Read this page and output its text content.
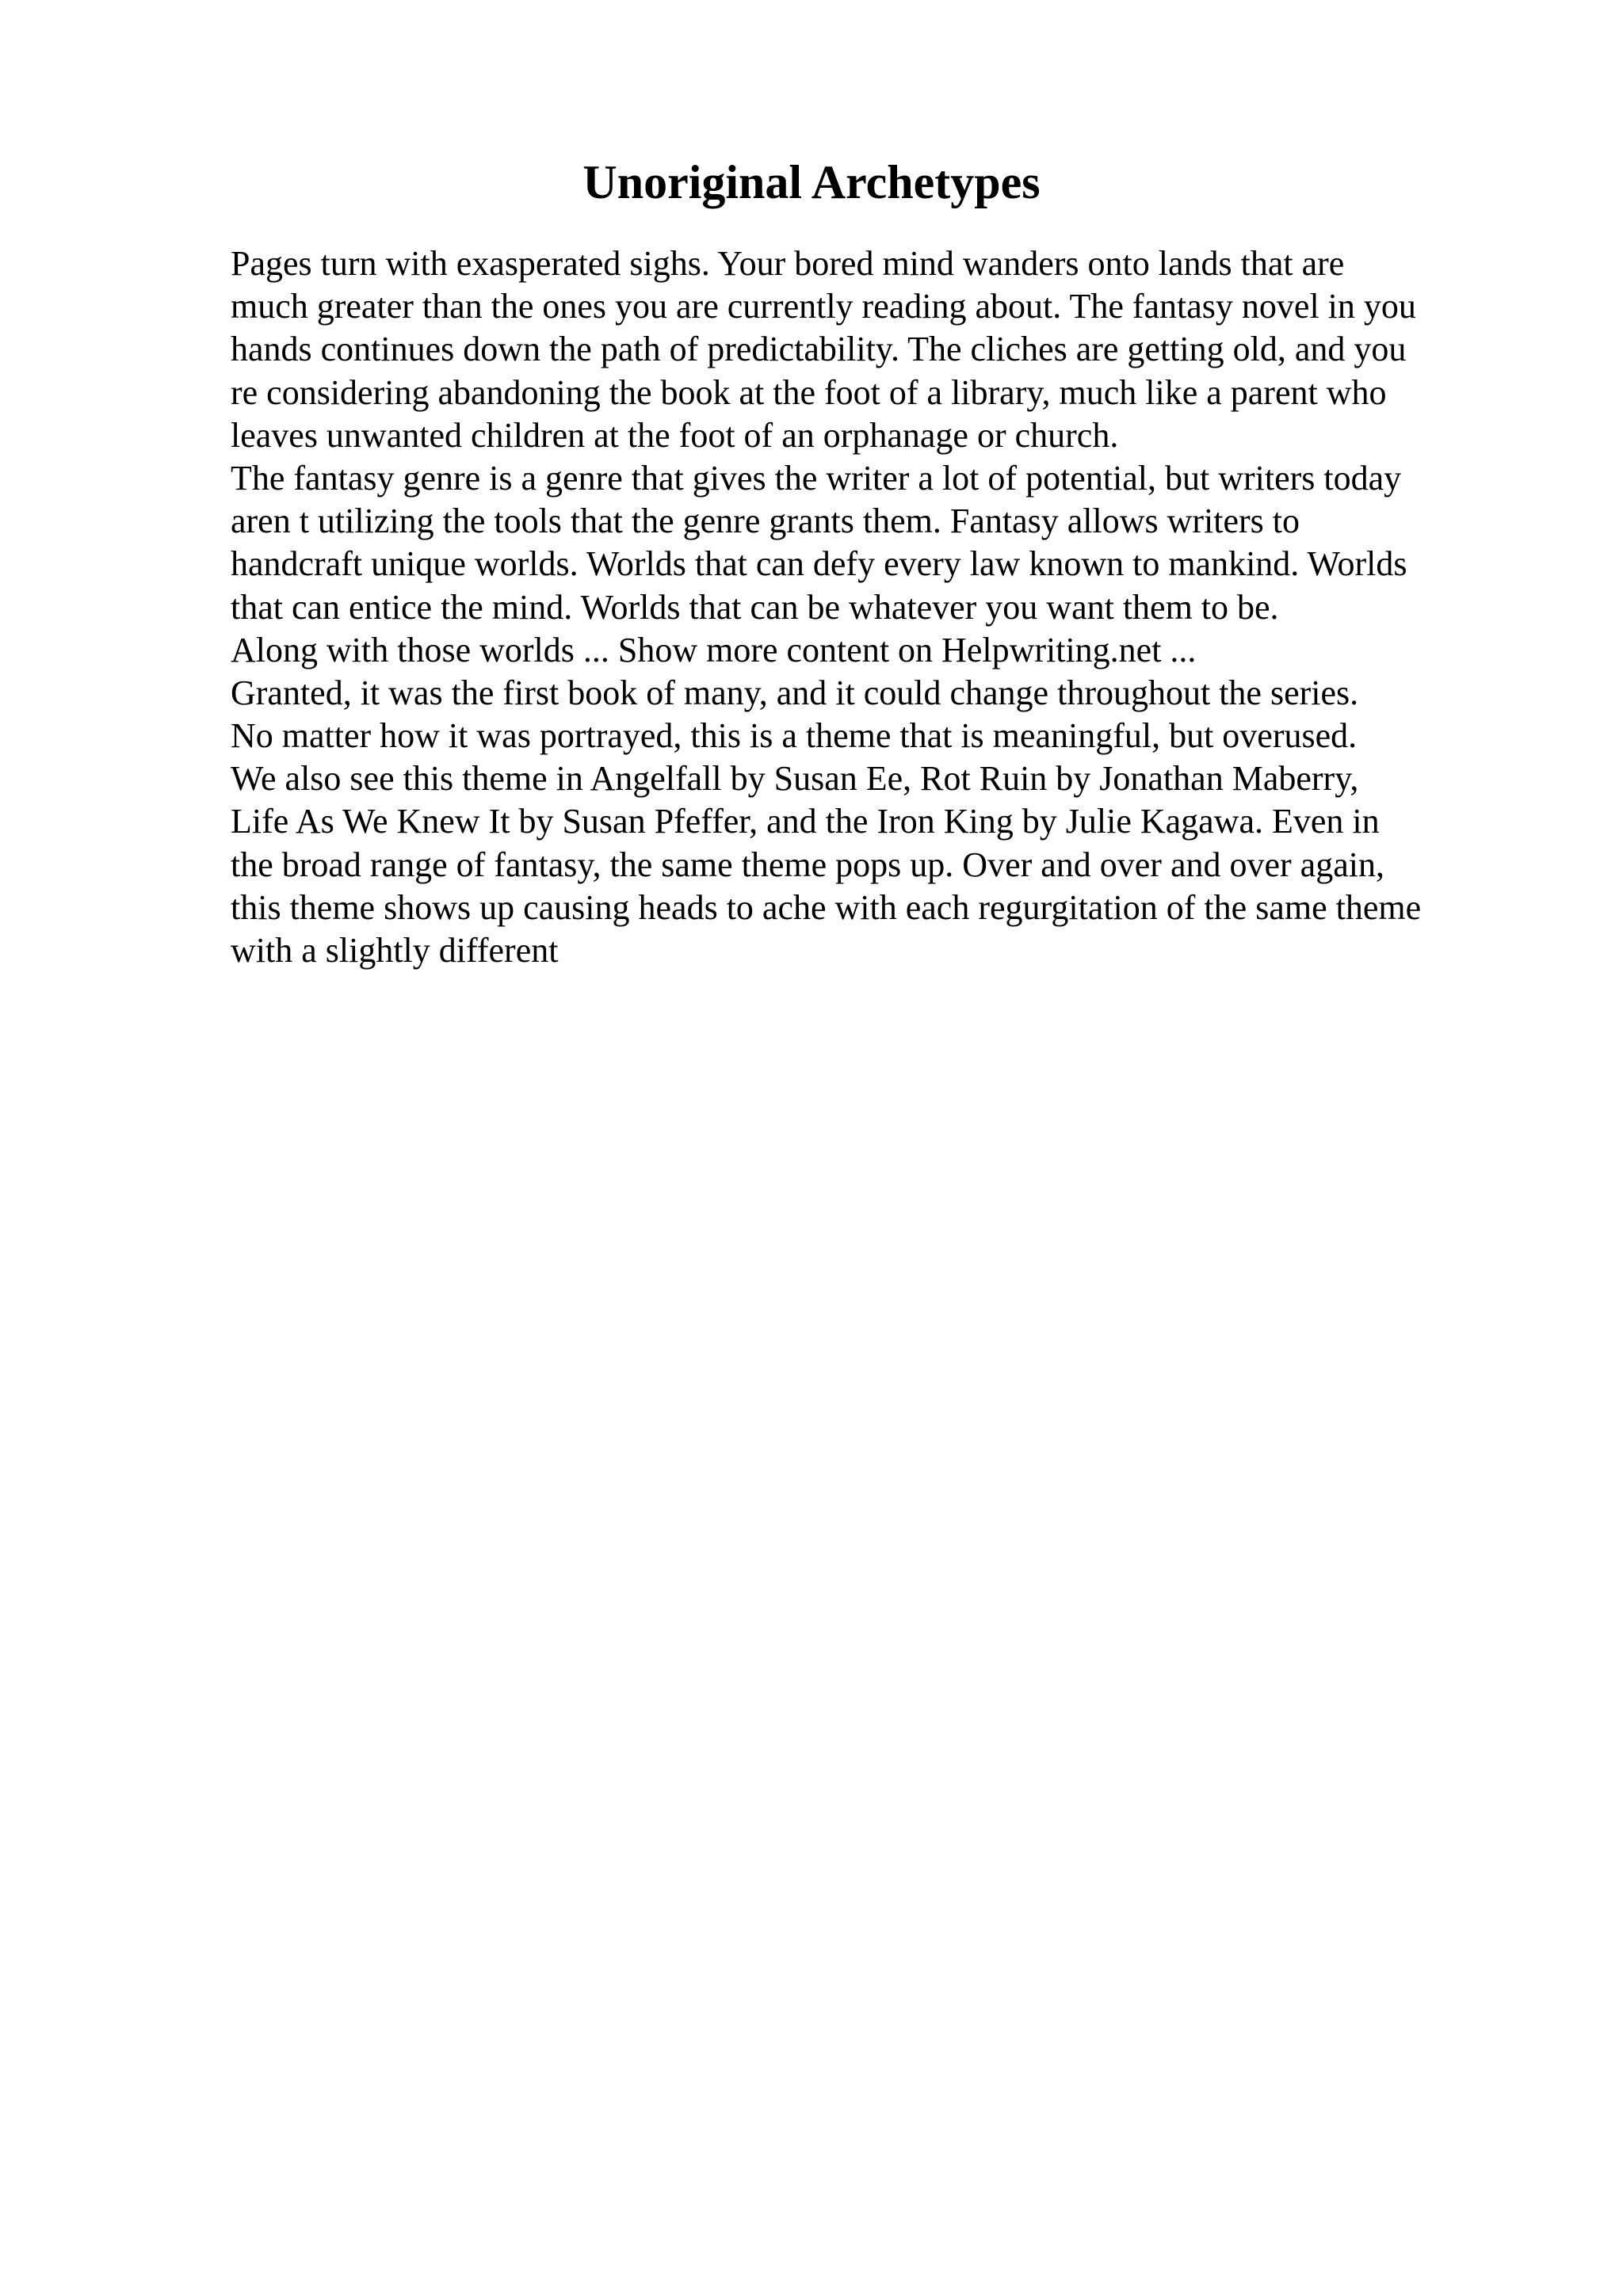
Unoriginal Archetypes
Pages turn with exasperated sighs. Your bored mind wanders onto lands that are
much greater than the ones you are currently reading about. The fantasy novel in you
hands continues down the path of predictability. The cliches are getting old, and you
re considering abandoning the book at the foot of a library, much like a parent who
leaves unwanted children at the foot of an orphanage or church.
The fantasy genre is a genre that gives the writer a lot of potential, but writers today
aren t utilizing the tools that the genre grants them. Fantasy allows writers to
handcraft unique worlds. Worlds that can defy every law known to mankind. Worlds
that can entice the mind. Worlds that can be whatever you want them to be.
Along with those worlds ... Show more content on Helpwriting.net ...
Granted, it was the first book of many, and it could change throughout the series.
No matter how it was portrayed, this is a theme that is meaningful, but overused.
We also see this theme in Angelfall by Susan Ee, Rot Ruin by Jonathan Maberry,
Life As We Knew It by Susan Pfeffer, and the Iron King by Julie Kagawa. Even in
the broad range of fantasy, the same theme pops up. Over and over and over again,
this theme shows up causing heads to ache with each regurgitation of the same theme
with a slightly different
